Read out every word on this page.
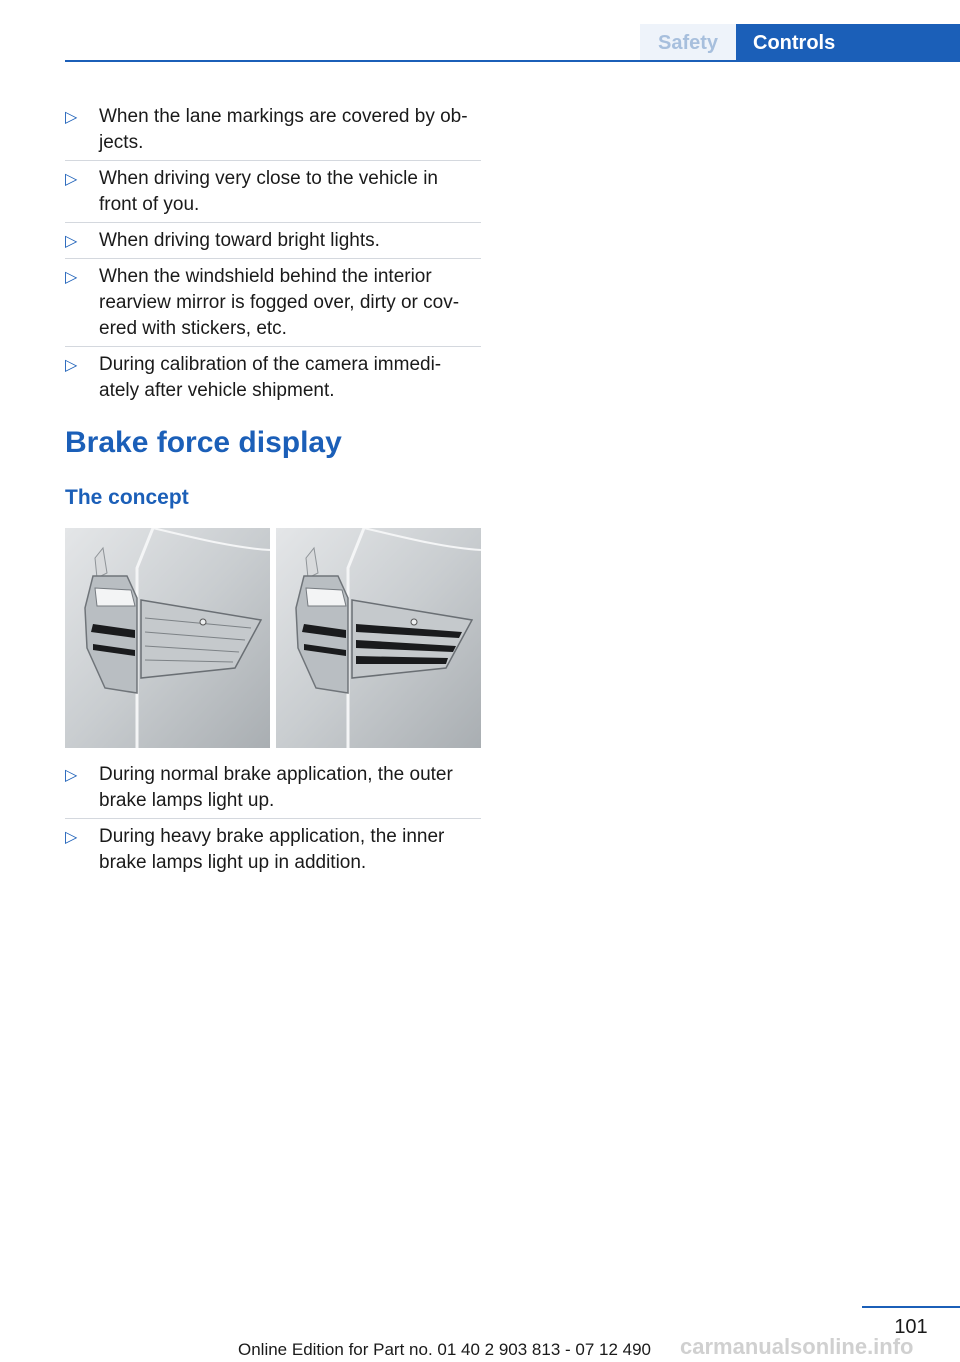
Safety	Controls
▷ When the lane markings are covered by ob‐jects.
▷ When driving very close to the vehicle in front of you.
▷ When driving toward bright lights.
▷ When the windshield behind the interior rearview mirror is fogged over, dirty or cov‐ered with stickers, etc.
▷ During calibration of the camera immedi‐ately after vehicle shipment.
Brake force display
The concept
▷ During normal brake application, the outer brake lamps light up.
▷ During heavy brake application, the inner brake lamps light up in addition.
101
Online Edition for Part no. 01 40 2 903 813 - 07 12 490 carmanualsonline.info
